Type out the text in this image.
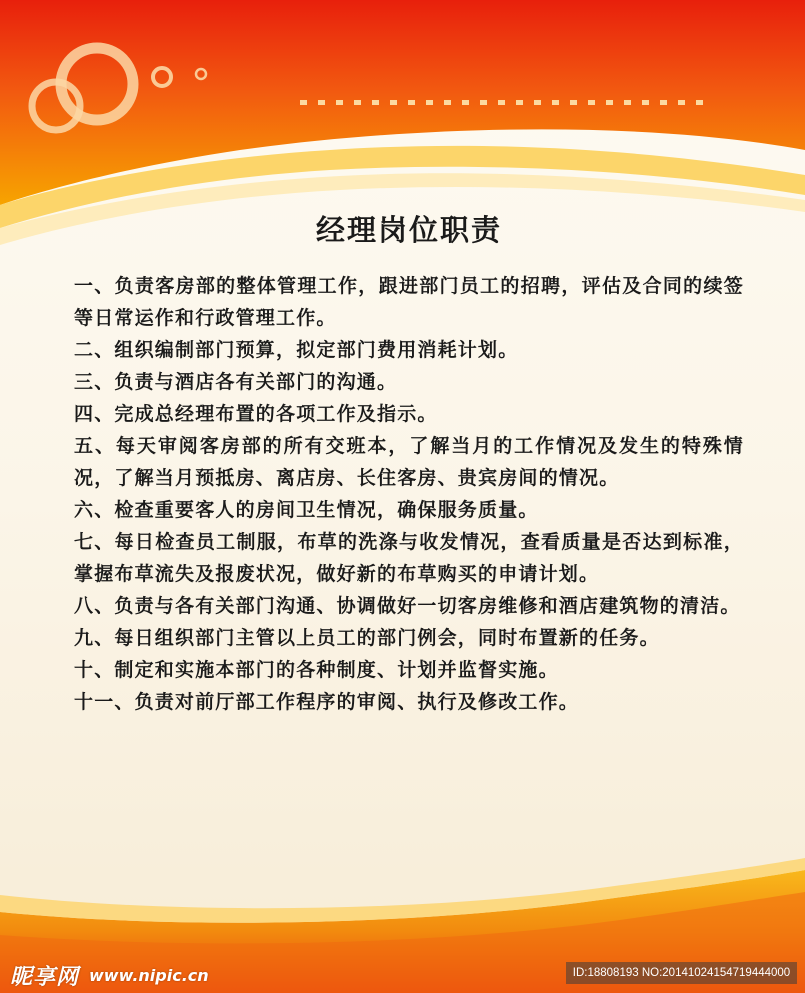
经理岗位职责
一、负责客房部的整体管理工作，跟进部门员工的招聘，评估及合同的续签等日常运作和行政管理工作。
二、组织编制部门预算，拟定部门费用消耗计划。
三、负责与酒店各有关部门的沟通。
四、完成总经理布置的各项工作及指示。
五、每天审阅客房部的所有交班本，了解当月的工作情况及发生的特殊情况，了解当月预抵房、离店房、长住客房、贵宾房间的情况。
六、检查重要客人的房间卫生情况，确保服务质量。
七、每日检查员工制服，布草的洗涤与收发情况，查看质量是否达到标准，掌握布草流失及报废状况，做好新的布草购买的申请计划。
八、负责与各有关部门沟通、协调做好一切客房维修和酒店建筑物的清洁。
九、每日组织部门主管以上员工的部门例会，同时布置新的任务。
十、制定和实施本部门的各种制度、计划并监督实施。
十一、负责对前厅部工作程序的审阅、执行及修改工作。
昵享网 www.nipic.cn	ID:18808193 NO:20141024154719444000
